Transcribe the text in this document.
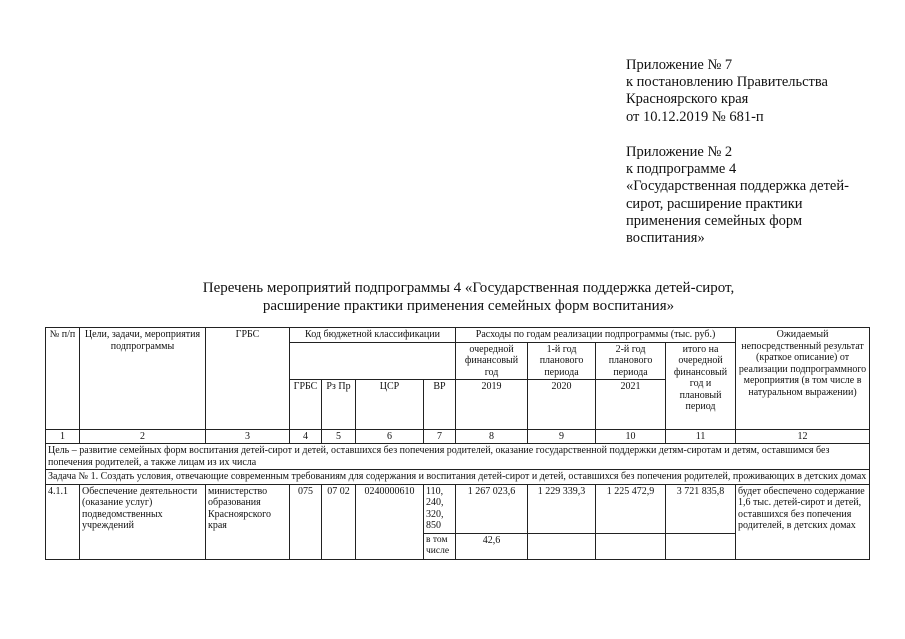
Приложение № 7
к постановлению Правительства
Красноярского края
от 10.12.2019 № 681-п
Приложение № 2
к подпрограмме 4
«Государственная поддержка детей-
сирот, расширение практики
применения семейных форм
воспитания»
Перечень мероприятий подпрограммы 4 «Государственная поддержка детей-сирот,
расширение практики применения семейных форм воспитания»
№ п/п	Цели, задачи, мероприятия подпрограммы	ГРБС	Код бюджетной классификации				Расходы по годам реализации подпрограммы (тыс. руб.)				Ожидаемый непосредственный результат (краткое описание) от реализации подпрограммного мероприятия (в том числе в натуральном выражении)
							очередной финансовый год	1-й год планового периода	2-й год планового периода	итого на очередной финансовый год и плановый период	
			ГРБС	Рз Пр	ЦСР	ВР	2019	2020	2021		
1	2	3	4	5	6	7	8	9	10	11	12
Цель – развитие семейных форм воспитания детей-сирот и детей, оставшихся без попечения родителей, оказание государственной поддержки детям-сиротам и детям, оставшимся без попечения родителей, а также лицам из их числа											
Задача № 1. Создать условия, отвечающие современным требованиям для содержания и воспитания детей-сирот и детей, оставшихся без попечения родителей, проживающих в детских домах											
4.1.1	Обеспечение деятельности (оказание услуг) подведомственных учреждений	министерство образования Красноярского края	075	07 02	0240000610	110, 240, 320, 850	1 267 023,6	1 229 339,3	1 225 472,9	3 721 835,8	будет обеспечено содержание 1,6 тыс. детей-сирот и детей, оставшихся без попечения родителей, в детских домах
						в том числе	42,6				
